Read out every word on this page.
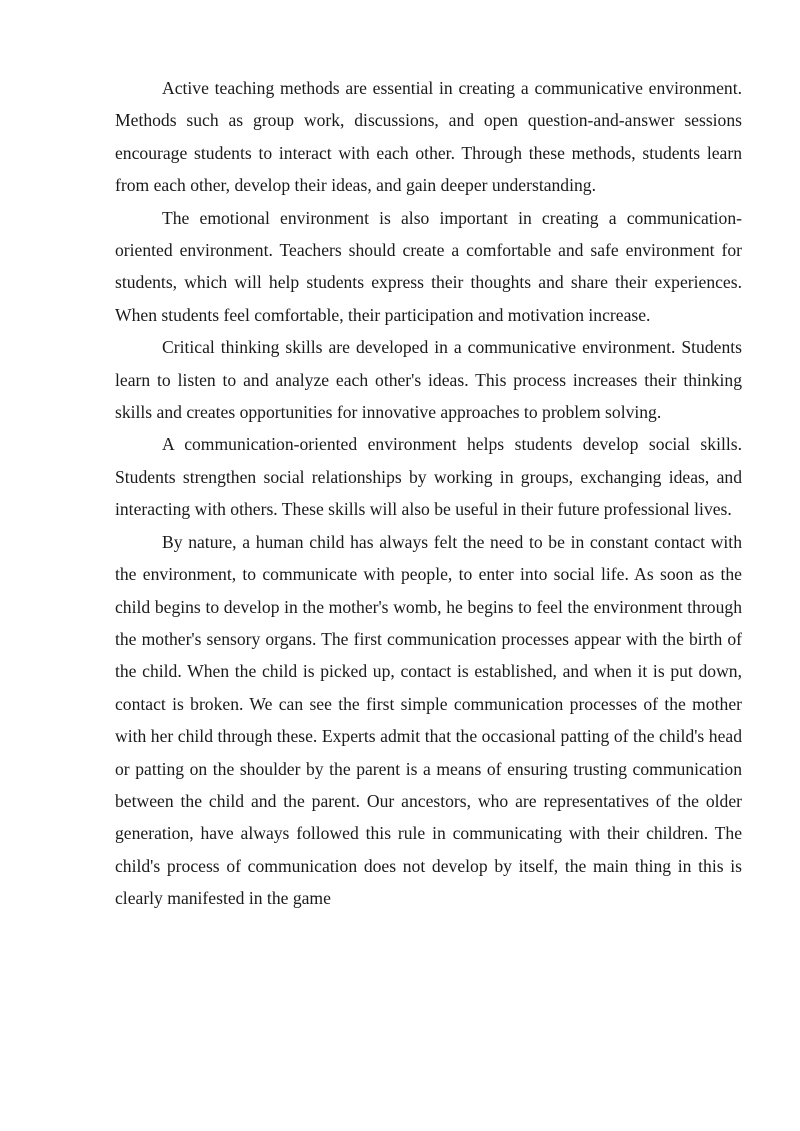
Active teaching methods are essential in creating a communicative environment. Methods such as group work, discussions, and open question-and-answer sessions encourage students to interact with each other. Through these methods, students learn from each other, develop their ideas, and gain deeper understanding.

The emotional environment is also important in creating a communication-oriented environment. Teachers should create a comfortable and safe environment for students, which will help students express their thoughts and share their experiences. When students feel comfortable, their participation and motivation increase.

Critical thinking skills are developed in a communicative environment. Students learn to listen to and analyze each other's ideas. This process increases their thinking skills and creates opportunities for innovative approaches to problem solving.

A communication-oriented environment helps students develop social skills. Students strengthen social relationships by working in groups, exchanging ideas, and interacting with others. These skills will also be useful in their future professional lives.

By nature, a human child has always felt the need to be in constant contact with the environment, to communicate with people, to enter into social life. As soon as the child begins to develop in the mother's womb, he begins to feel the environment through the mother's sensory organs. The first communication processes appear with the birth of the child. When the child is picked up, contact is established, and when it is put down, contact is broken. We can see the first simple communication processes of the mother with her child through these. Experts admit that the occasional patting of the child's head or patting on the shoulder by the parent is a means of ensuring trusting communication between the child and the parent. Our ancestors, who are representatives of the older generation, have always followed this rule in communicating with their children. The child's process of communication does not develop by itself, the main thing in this is clearly manifested in the game
